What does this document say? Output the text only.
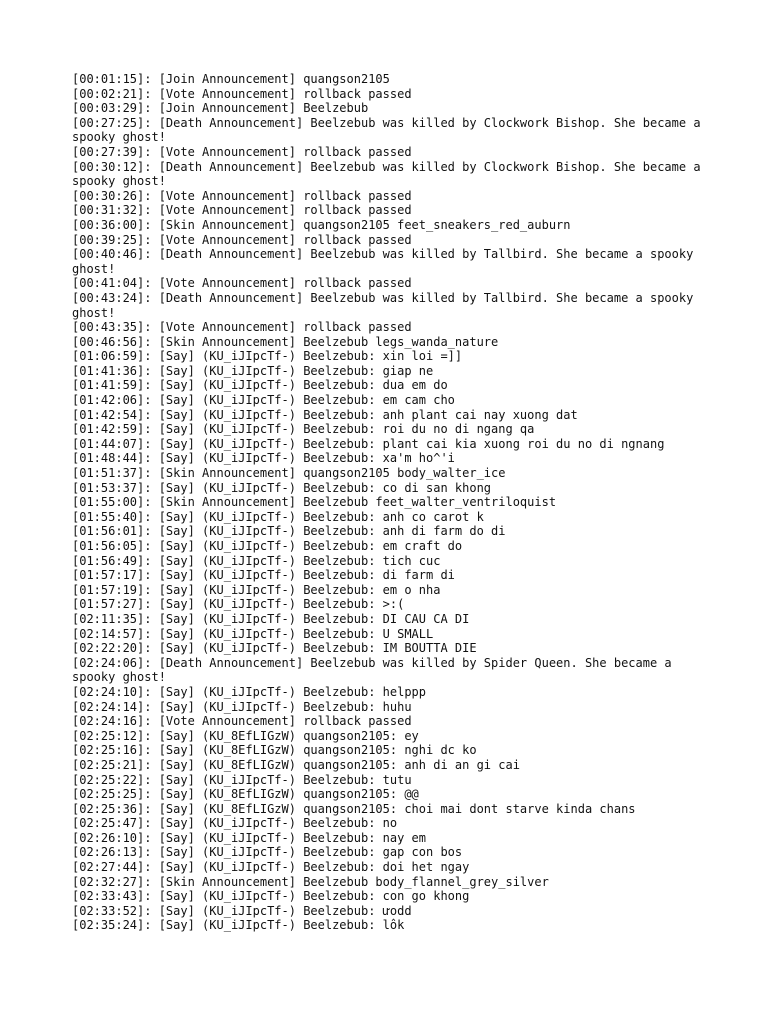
[00:01:15]: [Join Announcement] quangson2105
[00:02:21]: [Vote Announcement] rollback passed
[00:03:29]: [Join Announcement] Beelzebub
[00:27:25]: [Death Announcement] Beelzebub was killed by Clockwork Bishop. She became a spooky ghost!
[00:27:39]: [Vote Announcement] rollback passed
[00:30:12]: [Death Announcement] Beelzebub was killed by Clockwork Bishop. She became a spooky ghost!
[00:30:26]: [Vote Announcement] rollback passed
[00:31:32]: [Vote Announcement] rollback passed
[00:36:00]: [Skin Announcement] quangson2105 feet_sneakers_red_auburn
[00:39:25]: [Vote Announcement] rollback passed
[00:40:46]: [Death Announcement] Beelzebub was killed by Tallbird. She became a spooky ghost!
[00:41:04]: [Vote Announcement] rollback passed
[00:43:24]: [Death Announcement] Beelzebub was killed by Tallbird. She became a spooky ghost!
[00:43:35]: [Vote Announcement] rollback passed
[00:46:56]: [Skin Announcement] Beelzebub legs_wanda_nature
[01:06:59]: [Say] (KU_iJIpcTf-) Beelzebub: xin loi =]]
[01:41:36]: [Say] (KU_iJIpcTf-) Beelzebub: giap ne
[01:41:59]: [Say] (KU_iJIpcTf-) Beelzebub: dua em do
[01:42:06]: [Say] (KU_iJIpcTf-) Beelzebub: em cam cho
[01:42:54]: [Say] (KU_iJIpcTf-) Beelzebub: anh plant cai nay xuong dat
[01:42:59]: [Say] (KU_iJIpcTf-) Beelzebub: roi du no di ngang qa
[01:44:07]: [Say] (KU_iJIpcTf-) Beelzebub: plant cai kia xuong roi du no di ngnang
[01:48:44]: [Say] (KU_iJIpcTf-) Beelzebub: xa'm ho^'i
[01:51:37]: [Skin Announcement] quangson2105 body_walter_ice
[01:53:37]: [Say] (KU_iJIpcTf-) Beelzebub: co di san khong
[01:55:00]: [Skin Announcement] Beelzebub feet_walter_ventriloquist
[01:55:40]: [Say] (KU_iJIpcTf-) Beelzebub: anh co carot k
[01:56:01]: [Say] (KU_iJIpcTf-) Beelzebub: anh di farm do di
[01:56:05]: [Say] (KU_iJIpcTf-) Beelzebub: em craft do
[01:56:49]: [Say] (KU_iJIpcTf-) Beelzebub: tich cuc
[01:57:17]: [Say] (KU_iJIpcTf-) Beelzebub: di farm di
[01:57:19]: [Say] (KU_iJIpcTf-) Beelzebub: em o nha
[01:57:27]: [Say] (KU_iJIpcTf-) Beelzebub: >:(
[02:11:35]: [Say] (KU_iJIpcTf-) Beelzebub: DI CAU CA DI
[02:14:57]: [Say] (KU_iJIpcTf-) Beelzebub: U SMALL
[02:22:20]: [Say] (KU_iJIpcTf-) Beelzebub: IM BOUTTA DIE
[02:24:06]: [Death Announcement] Beelzebub was killed by Spider Queen. She became a spooky ghost!
[02:24:10]: [Say] (KU_iJIpcTf-) Beelzebub: helppp
[02:24:14]: [Say] (KU_iJIpcTf-) Beelzebub: huhu
[02:24:16]: [Vote Announcement] rollback passed
[02:25:12]: [Say] (KU_8EfLIGzW) quangson2105: ey
[02:25:16]: [Say] (KU_8EfLIGzW) quangson2105: nghi dc ko
[02:25:21]: [Say] (KU_8EfLIGzW) quangson2105: anh di an gi cai
[02:25:22]: [Say] (KU_iJIpcTf-) Beelzebub: tutu
[02:25:25]: [Say] (KU_8EfLIGzW) quangson2105: @@
[02:25:36]: [Say] (KU_8EfLIGzW) quangson2105: choi mai dont starve kinda chans
[02:25:47]: [Say] (KU_iJIpcTf-) Beelzebub: no
[02:26:10]: [Say] (KU_iJIpcTf-) Beelzebub: nay em
[02:26:13]: [Say] (KU_iJIpcTf-) Beelzebub: gap con bos
[02:27:44]: [Say] (KU_iJIpcTf-) Beelzebub: doi het ngay
[02:32:27]: [Skin Announcement] Beelzebub body_flannel_grey_silver
[02:33:43]: [Say] (KU_iJIpcTf-) Beelzebub: con go khong
[02:33:52]: [Say] (KU_iJIpcTf-) Beelzebub: ưodd
[02:35:24]: [Say] (KU_iJIpcTf-) Beelzebub: lôk
